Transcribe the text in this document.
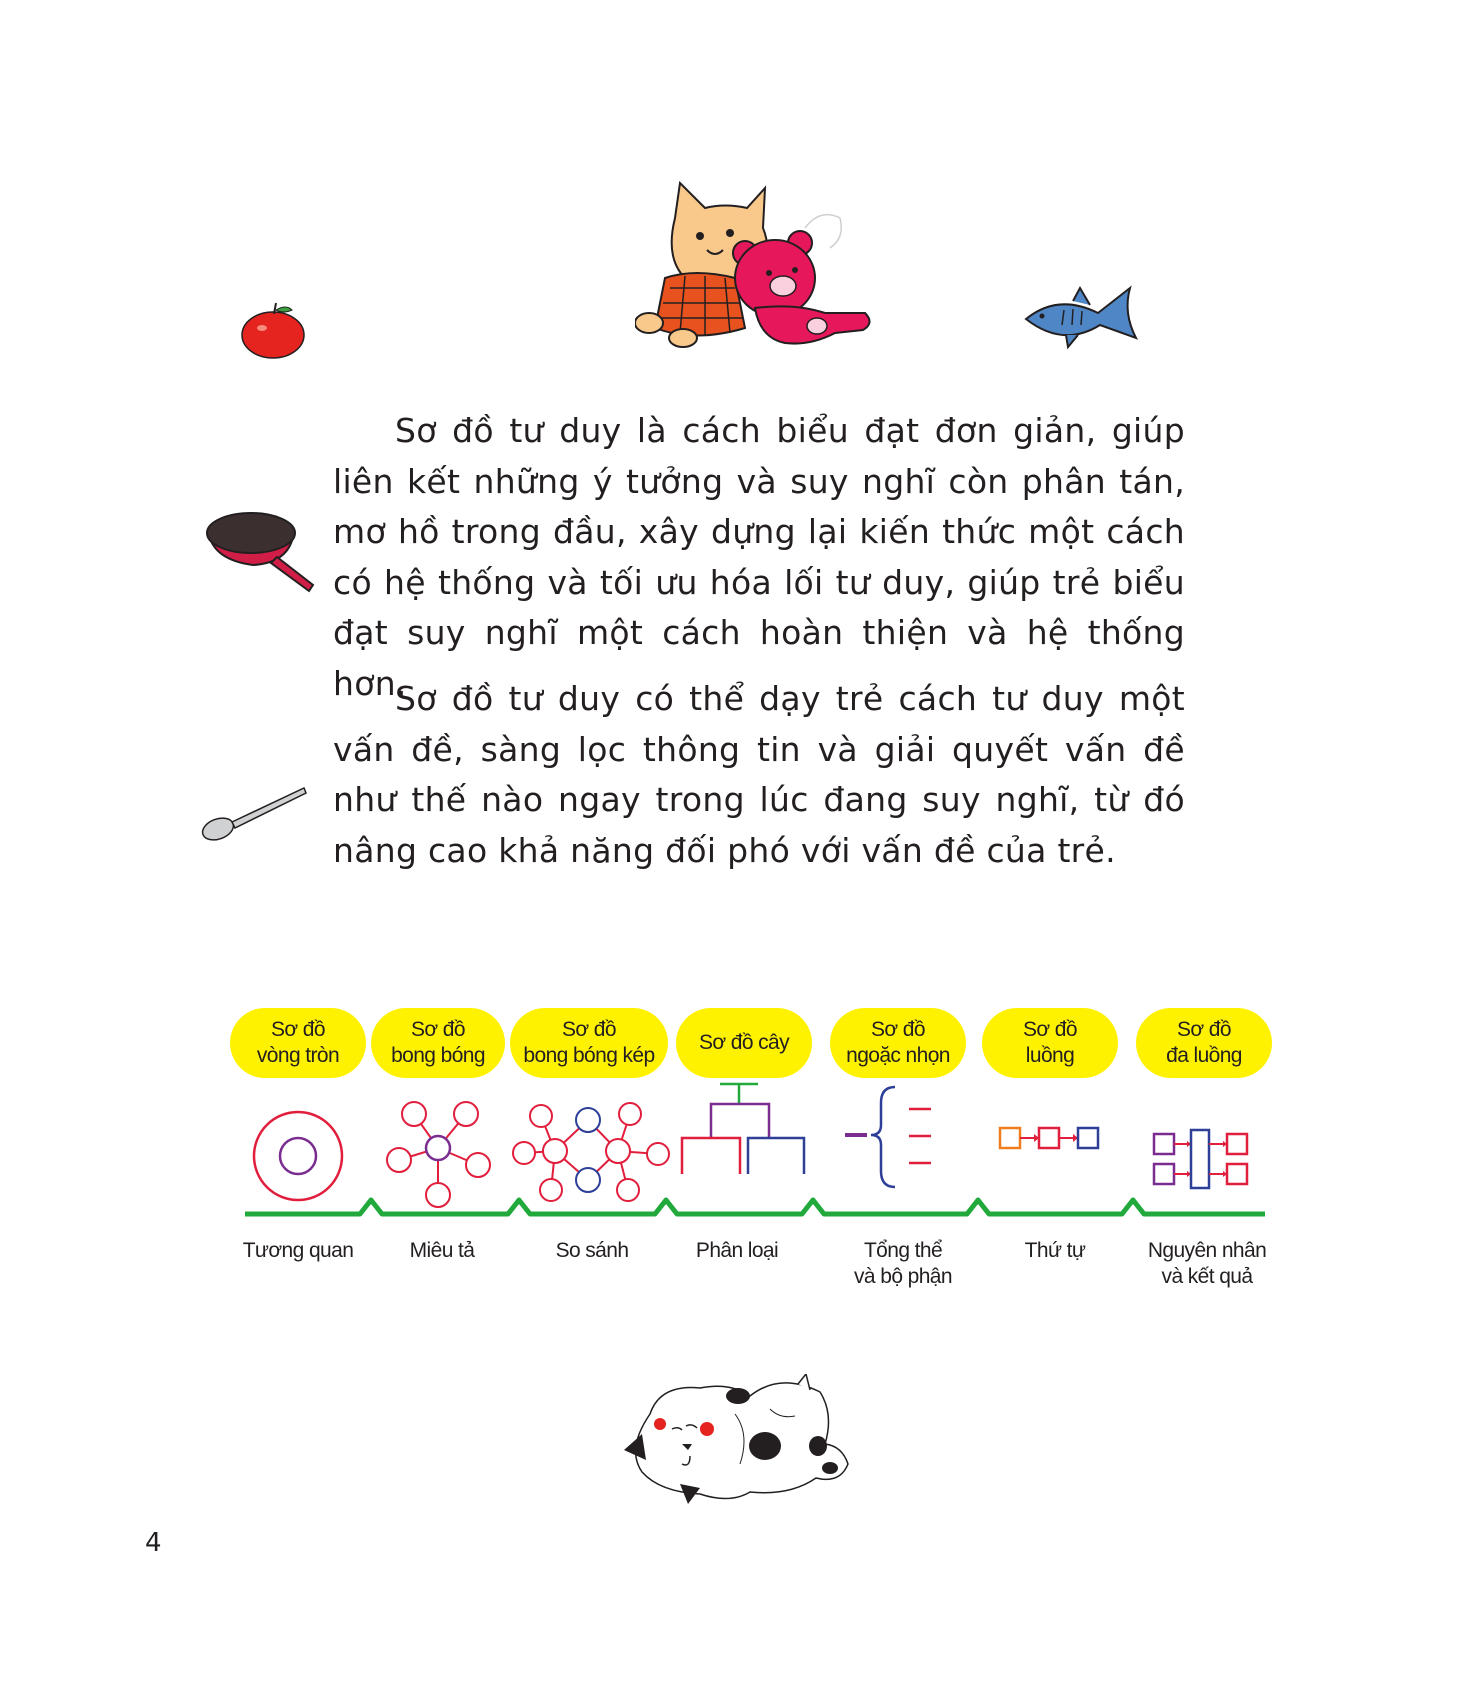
Sơ đồ tư duy là cách biểu đạt đơn giản, giúp liên kết những ý tưởng và suy nghĩ còn phân tán, mơ hồ trong đầu, xây dựng lại kiến thức một cách có hệ thống và tối ưu hóa lối tư duy, giúp trẻ biểu đạt suy nghĩ một cách hoàn thiện và hệ thống hơn.

Sơ đồ tư duy có thể dạy trẻ cách tư duy một vấn đề, sàng lọc thông tin và giải quyết vấn đề như thế nào ngay trong lúc đang suy nghĩ, từ đó nâng cao khả năng đối phó với vấn đề của trẻ.

Sơ đồ
vòng tròn
Sơ đồ
bong bóng
Sơ đồ
bong bóng kép
Sơ đồ cây
Sơ đồ
ngoặc nhọn
Sơ đồ
luồng
Sơ đồ
đa luồng
Tương quan	Miêu tả	So sánh	Phân loại	Tổng thể
và bộ phận
Thứ tự	Nguyên nhân
và kết quả
4
